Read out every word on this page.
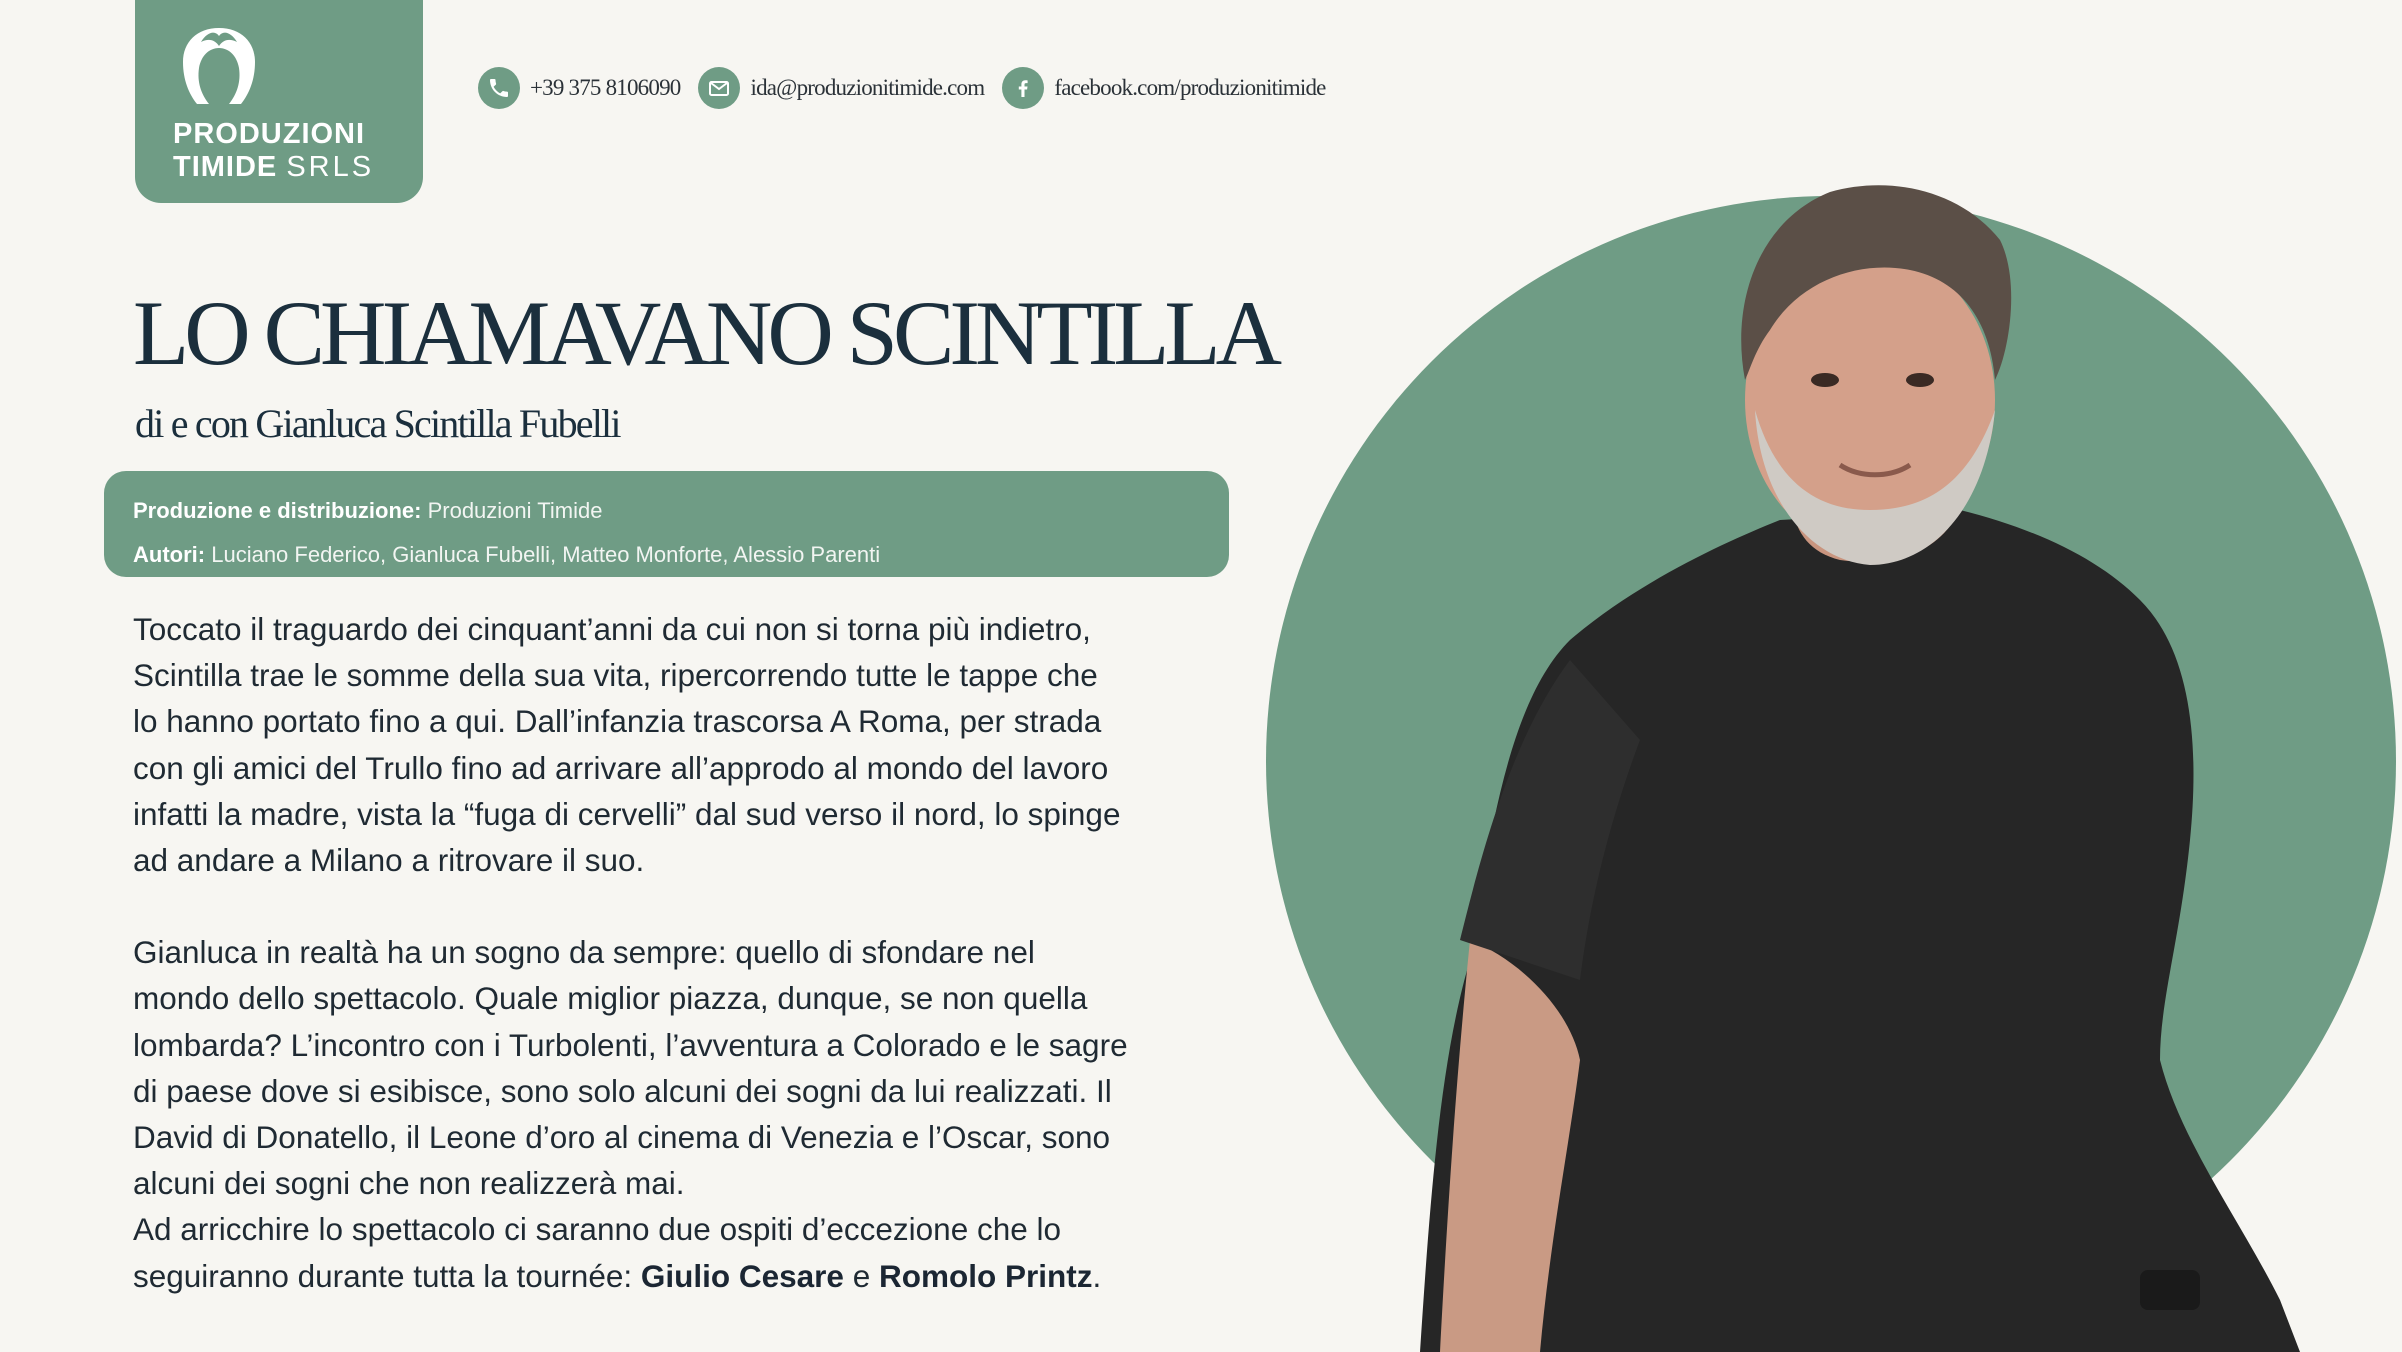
PRODUZIONI
TIMIDE SRLS
+39 375 8106090	ida@produzionitimide.com	facebook.com/produzionitimide
LO CHIAMAVANO SCINTILLA
di e con Gianluca Scintilla Fubelli
Produzione e distribuzione: Produzioni Timide
Autori: Luciano Federico, Gianluca Fubelli, Matteo Monforte, Alessio Parenti

Toccato il traguardo dei cinquant’anni da cui non si torna più indietro,
Scintilla trae le somme della sua vita, ripercorrendo tutte le tappe che
lo hanno portato fino a qui. Dall’infanzia trascorsa A Roma, per strada
con gli amici del Trullo fino ad arrivare all’approdo al mondo del lavoro
infatti la madre, vista la “fuga di cervelli” dal sud verso il nord, lo spinge
ad andare a Milano a ritrovare il suo.

Gianluca in realtà ha un sogno da sempre: quello di sfondare nel
mondo dello spettacolo. Quale miglior piazza, dunque, se non quella
lombarda? L’incontro con i Turbolenti, l’avventura a Colorado e le sagre
di paese dove si esibisce, sono solo alcuni dei sogni da lui realizzati. Il
David di Donatello, il Leone d’oro al cinema di Venezia e l’Oscar, sono
alcuni dei sogni che non realizzerà mai.

Ad arricchire lo spettacolo ci saranno due ospiti d’eccezione che lo
seguiranno durante tutta la tournée: Giulio Cesare e Romolo Printz.
